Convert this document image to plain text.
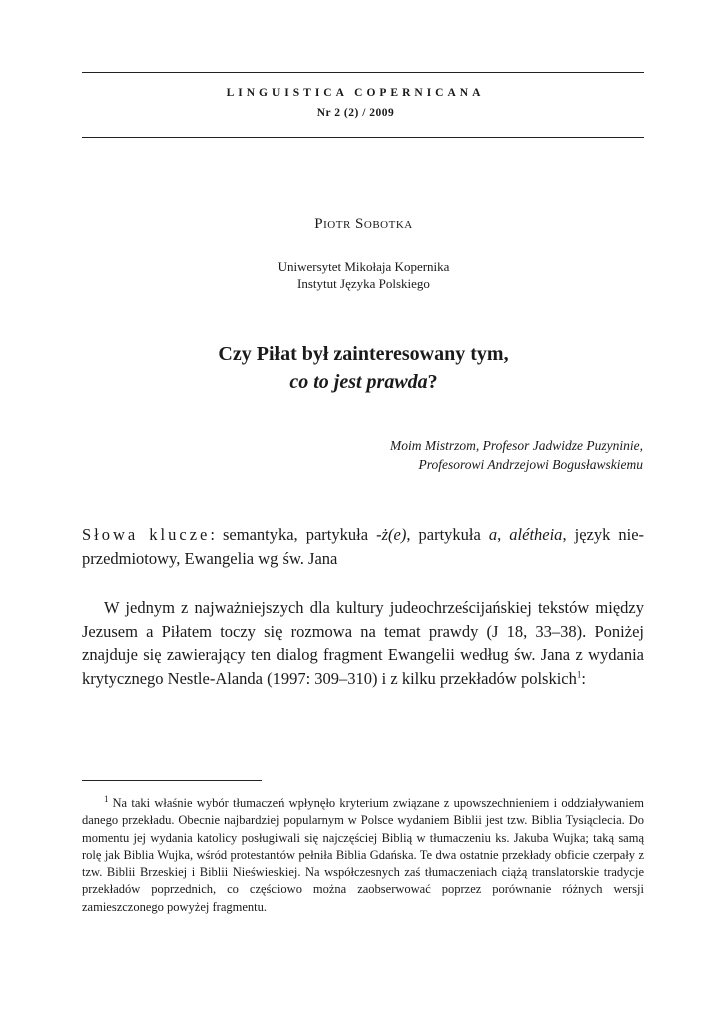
LINGUISTICA COPERNICANA
Nr 2 (2) / 2009
Piotr Sobotka
Uniwersytet Mikołaja Kopernika
Instytut Języka Polskiego
Czy Piłat był zainteresowany tym,
co to jest prawda?
Moim Mistrzom, Profesor Jadwidze Puzyninie,
Profesorowi Andrzejowi Bogusławskiemu
Słowa klucze: semantyka, partykuła -ż(e), partykuła a, alétheia, język nieprzedmiotowy, Ewangelia wg św. Jana
W jednym z najważniejszych dla kultury judeochrześcijańskiej tekstów między Jezusem a Piłatem toczy się rozmowa na temat prawdy (J 18, 33–38). Poniżej znajduje się zawierający ten dialog fragment Ewangelii według św. Jana z wydania krytycznego Nestle-Alanda (1997: 309–310) i z kilku przekładów polskich$^1$:
$^1$ Na taki właśnie wybór tłumaczeń wpłynęło kryterium związane z upowszechnieniem i oddziaływaniem danego przekładu. Obecnie najbardziej popularnym w Polsce wydaniem Biblii jest tzw. Biblia Tysiąclecia. Do momentu jej wydania katolicy posługiwali się najczęściej Biblią w tłumaczeniu ks. Jakuba Wujka; taką samą rolę jak Biblia Wujka, wśród protestantów pełniła Biblia Gdańska. Te dwa ostatnie przekłady obficie czerpały z tzw. Biblii Brzeskiej i Biblii Nieświeskiej. Na współczesnych zaś tłumaczeniach ciążą translatorskie tradycje przekładów poprzednich, co częściowo można zaobserwować poprzez porównanie różnych wersji zamieszczonego powyżej fragmentu.
